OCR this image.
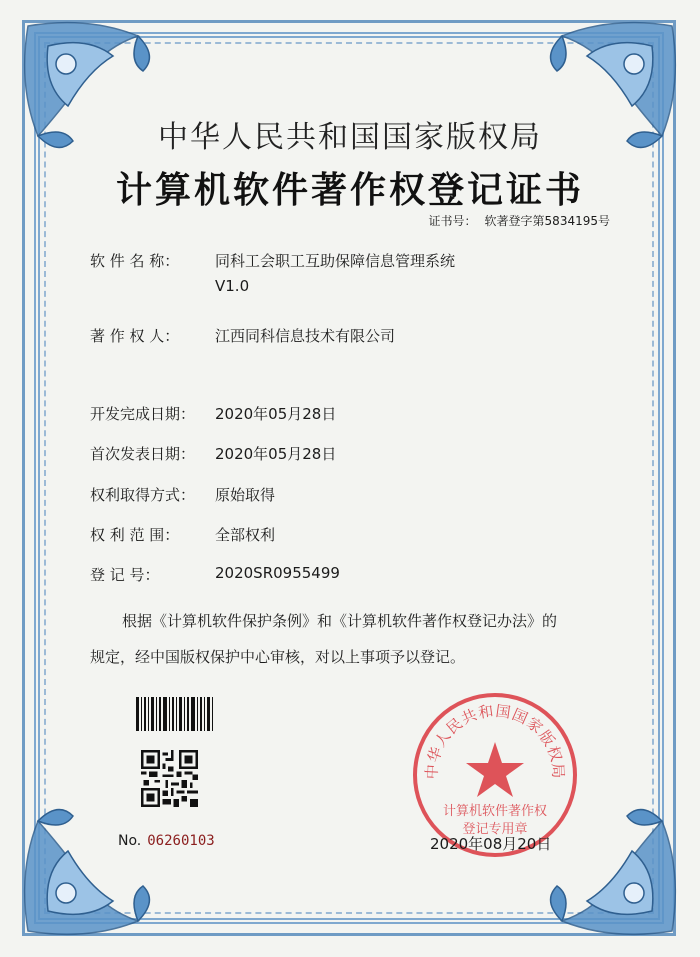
中华人民共和国国家版权局
计算机软件著作权登记证书
证书号： 软著登字第5834195号
软 件 名 称： 同科工会职工互助保障信息管理系统
V1.0
著 作 权 人： 江西同科信息技术有限公司
开发完成日期： 2020年05月28日
首次发表日期： 2020年05月28日
权利取得方式： 原始取得
权 利 范 围： 全部权利
登 记 号：	2020SR0955499
根据《计算机软件保护条例》和《计算机软件著作权登记办法》的
规定，经中国版权保护中心审核，对以上事项予以登记。
No. 06260103
中华人民共和国国家版权局
计算机软件著作权
登记专用章
2020年08月20日
